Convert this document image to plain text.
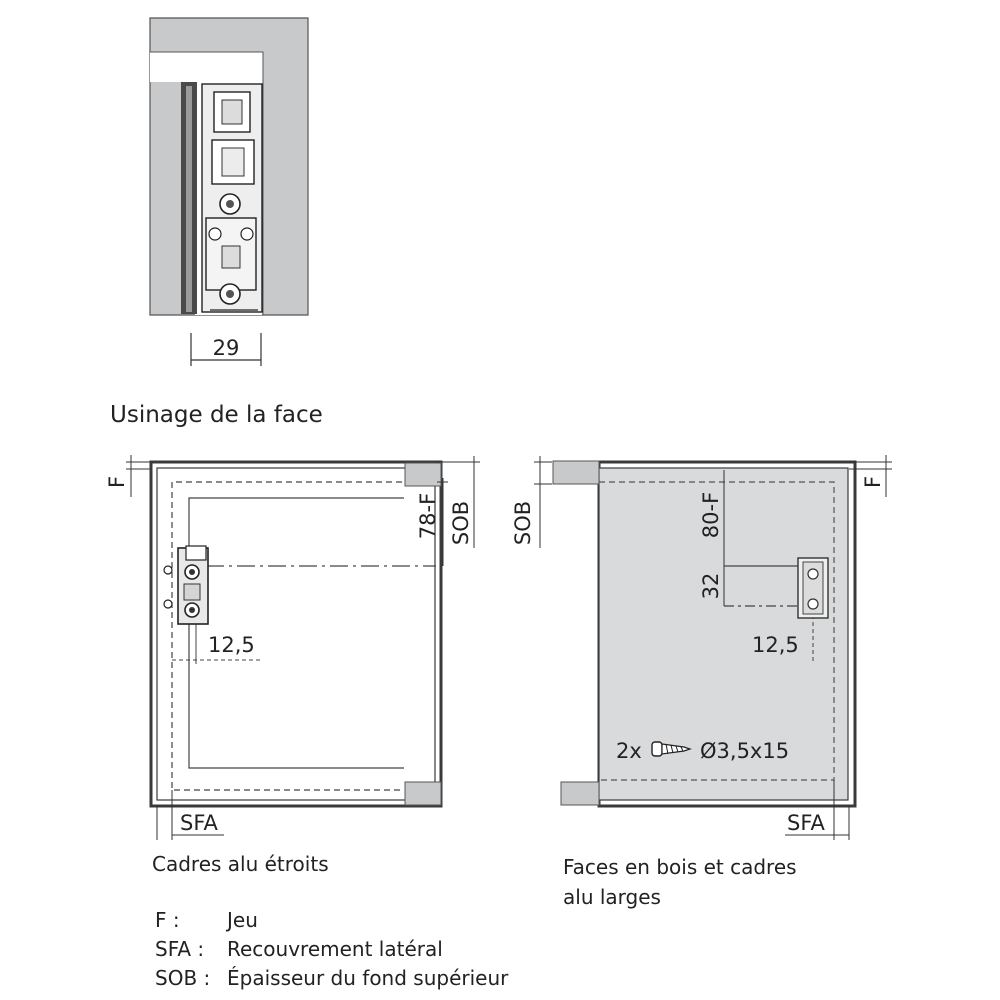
29
F
78-F SOB
12,5
SFA
SOB	80-F
32
12,5
F
SFA
2x	Ø3,5x15
Usinage de la face
Cadres alu étroits	Faces en bois et cadres
alu larges
F :	Jeu
SFA :	Recouvrement latéral
SOB : Épaisseur du fond supérieur
